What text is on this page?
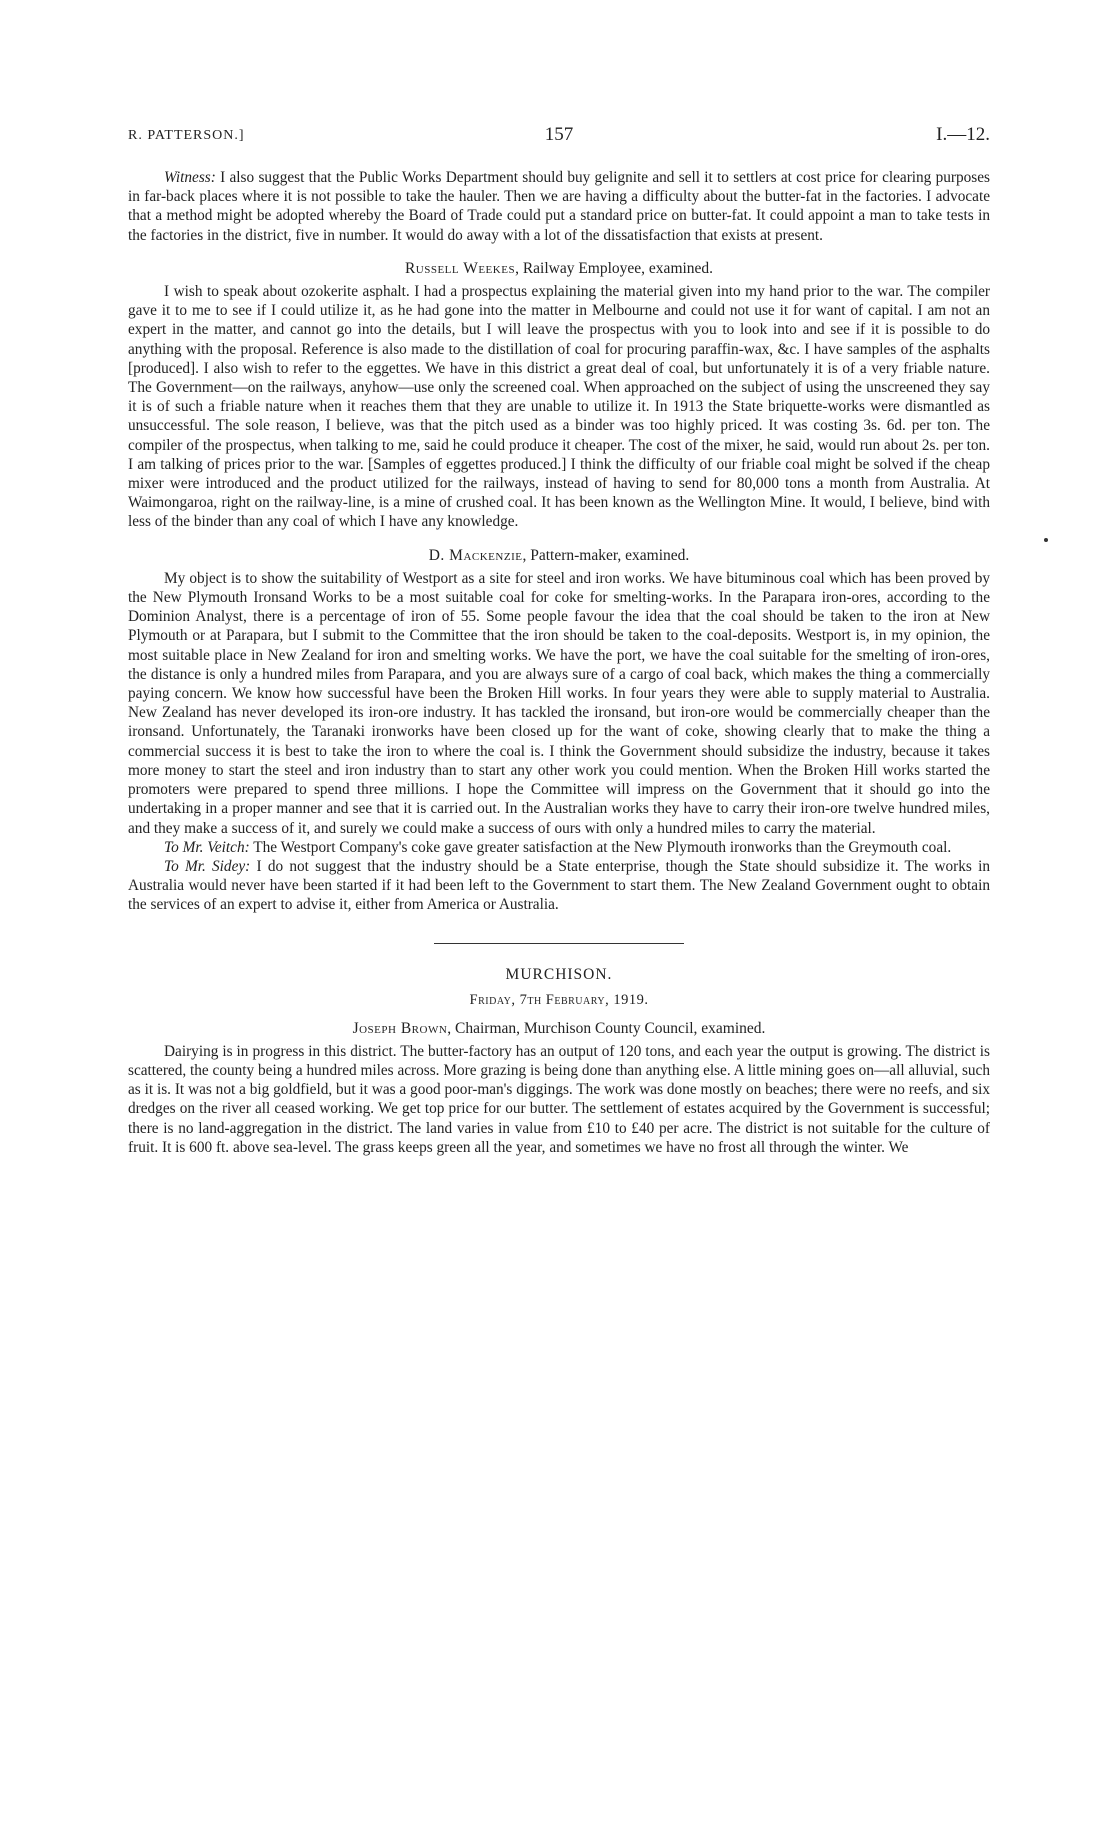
R. PATTERSON.]	157	I.—12.

Witness: I also suggest that the Public Works Department should buy gelignite and sell it to settlers at cost price for clearing purposes in far-back places where it is not possible to take the hauler. Then we are having a difficulty about the butter-fat in the factories. I advocate that a method might be adopted whereby the Board of Trade could put a standard price on butter-fat. It could appoint a man to take tests in the factories in the district, five in number. It would do away with a lot of the dissatisfaction that exists at present.

Russell Weekes, Railway Employee, examined.

I wish to speak about ozokerite asphalt. I had a prospectus explaining the material given into my hand prior to the war. The compiler gave it to me to see if I could utilize it, as he had gone into the matter in Melbourne and could not use it for want of capital. I am not an expert in the matter, and cannot go into the details, but I will leave the prospectus with you to look into and see if it is possible to do anything with the proposal. Reference is also made to the distillation of coal for procuring paraffin-wax, &c. I have samples of the asphalts [produced]. I also wish to refer to the eggettes. We have in this district a great deal of coal, but unfortunately it is of a very friable nature. The Government—on the railways, anyhow—use only the screened coal. When approached on the subject of using the unscreened they say it is of such a friable nature when it reaches them that they are unable to utilize it. In 1913 the State briquette-works were dismantled as unsuccessful. The sole reason, I believe, was that the pitch used as a binder was too highly priced. It was costing 3s. 6d. per ton. The compiler of the prospectus, when talking to me, said he could produce it cheaper. The cost of the mixer, he said, would run about 2s. per ton. I am talking of prices prior to the war. [Samples of eggettes produced.] I think the difficulty of our friable coal might be solved if the cheap mixer were introduced and the product utilized for the railways, instead of having to send for 80,000 tons a month from Australia. At Waimongaroa, right on the railway-line, is a mine of crushed coal. It has been known as the Wellington Mine. It would, I believe, bind with less of the binder than any coal of which I have any knowledge.

D. Mackenzie, Pattern-maker, examined.

My object is to show the suitability of Westport as a site for steel and iron works. We have bituminous coal which has been proved by the New Plymouth Ironsand Works to be a most suitable coal for coke for smelting-works. In the Parapara iron-ores, according to the Dominion Analyst, there is a percentage of iron of 55. Some people favour the idea that the coal should be taken to the iron at New Plymouth or at Parapara, but I submit to the Committee that the iron should be taken to the coal-deposits. Westport is, in my opinion, the most suitable place in New Zealand for iron and smelting works. We have the port, we have the coal suitable for the smelting of iron-ores, the distance is only a hundred miles from Parapara, and you are always sure of a cargo of coal back, which makes the thing a commercially paying concern. We know how successful have been the Broken Hill works. In four years they were able to supply material to Australia. New Zealand has never developed its iron-ore industry. It has tackled the ironsand, but iron-ore would be commercially cheaper than the ironsand. Unfortunately, the Taranaki ironworks have been closed up for the want of coke, showing clearly that to make the thing a commercial success it is best to take the iron to where the coal is. I think the Government should subsidize the industry, because it takes more money to start the steel and iron industry than to start any other work you could mention. When the Broken Hill works started the promoters were prepared to spend three millions. I hope the Committee will impress on the Government that it should go into the undertaking in a proper manner and see that it is carried out. In the Australian works they have to carry their iron-ore twelve hundred miles, and they make a success of it, and surely we could make a success of ours with only a hundred miles to carry the material.

To Mr. Veitch: The Westport Company's coke gave greater satisfaction at the New Plymouth ironworks than the Greymouth coal.

To Mr. Sidey: I do not suggest that the industry should be a State enterprise, though the State should subsidize it. The works in Australia would never have been started if it had been left to the Government to start them. The New Zealand Government ought to obtain the services of an expert to advise it, either from America or Australia.

MURCHISON.
Friday, 7th February, 1919.
Joseph Brown, Chairman, Murchison County Council, examined.

Dairying is in progress in this district. The butter-factory has an output of 120 tons, and each year the output is growing. The district is scattered, the county being a hundred miles across. More grazing is being done than anything else. A little mining goes on—all alluvial, such as it is. It was not a big goldfield, but it was a good poor-man's diggings. The work was done mostly on beaches; there were no reefs, and six dredges on the river all ceased working. We get top price for our butter. The settlement of estates acquired by the Government is successful; there is no land-aggregation in the district. The land varies in value from £10 to £40 per acre. The district is not suitable for the culture of fruit. It is 600 ft. above sea-level. The grass keeps green all the year, and sometimes we have no frost all through the winter. We
